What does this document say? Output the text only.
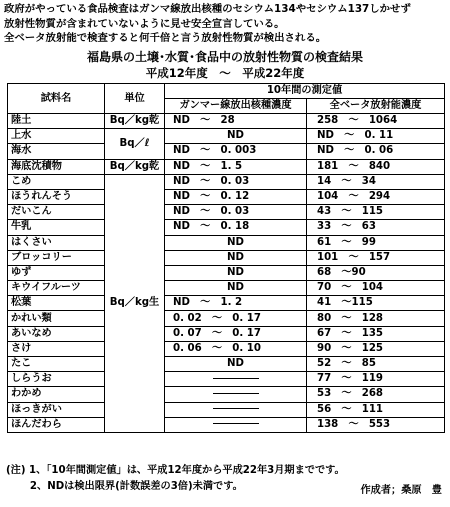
政府がやっている食品検査はガンマ線放出核種のセシウム134やセシウム137しかせず
放射性物質が含まれていないように見せ安全宣言している。
全ベータ放射能で検査すると何千倍と言う放射性物質が検出される。
福島県の土壌･水質･食品中の放射性物質の検査結果
平成12年度　～　平成22年度
試料名	単位	10年間の測定値	
		ガンマー線放出核種濃度	全ベータ放射能濃度
陸土	Bq／kg乾	ND　～　28	258　～　1064
上水	Bq／ℓ	ND	ND　～　0. 11
海水		ND　～　0. 003	ND　～　0. 06
海底沈積物	Bq／kg乾	ND　～　1. 5	181　～　840
こめ	Bq／kg生	ND　～　0. 03	14　～　34
ほうれんそう		ND　～　0. 12	104　～　294
だいこん		ND　～　0. 03	43　～　115
牛乳		ND　～　0. 18	33　～　63
はくさい		ND	61　～　99
ブロッコリー		ND	101　～　157
ゆず		ND	68　～90
キウイフルーツ		ND	70　～　104
松葉		ND　～　1. 2	41　～115
かれい類		0. 02　～　0. 17	80　～　128
あいなめ		0. 07　～　0. 17	67　～　135
さけ		0. 06　～　0. 10	90　～　125
たこ		ND	52　～　85
しらうお			77　～　119
わかめ			53　～　268
ほっきがい			56　～　111
ほんだわら			138　～　553
(注) 1、「10年間測定値」は、平成12年度から平成22年3月期までです。
　　 2、NDは検出限界(計数誤差の3倍)未満です。	作成者；桑原　豊
